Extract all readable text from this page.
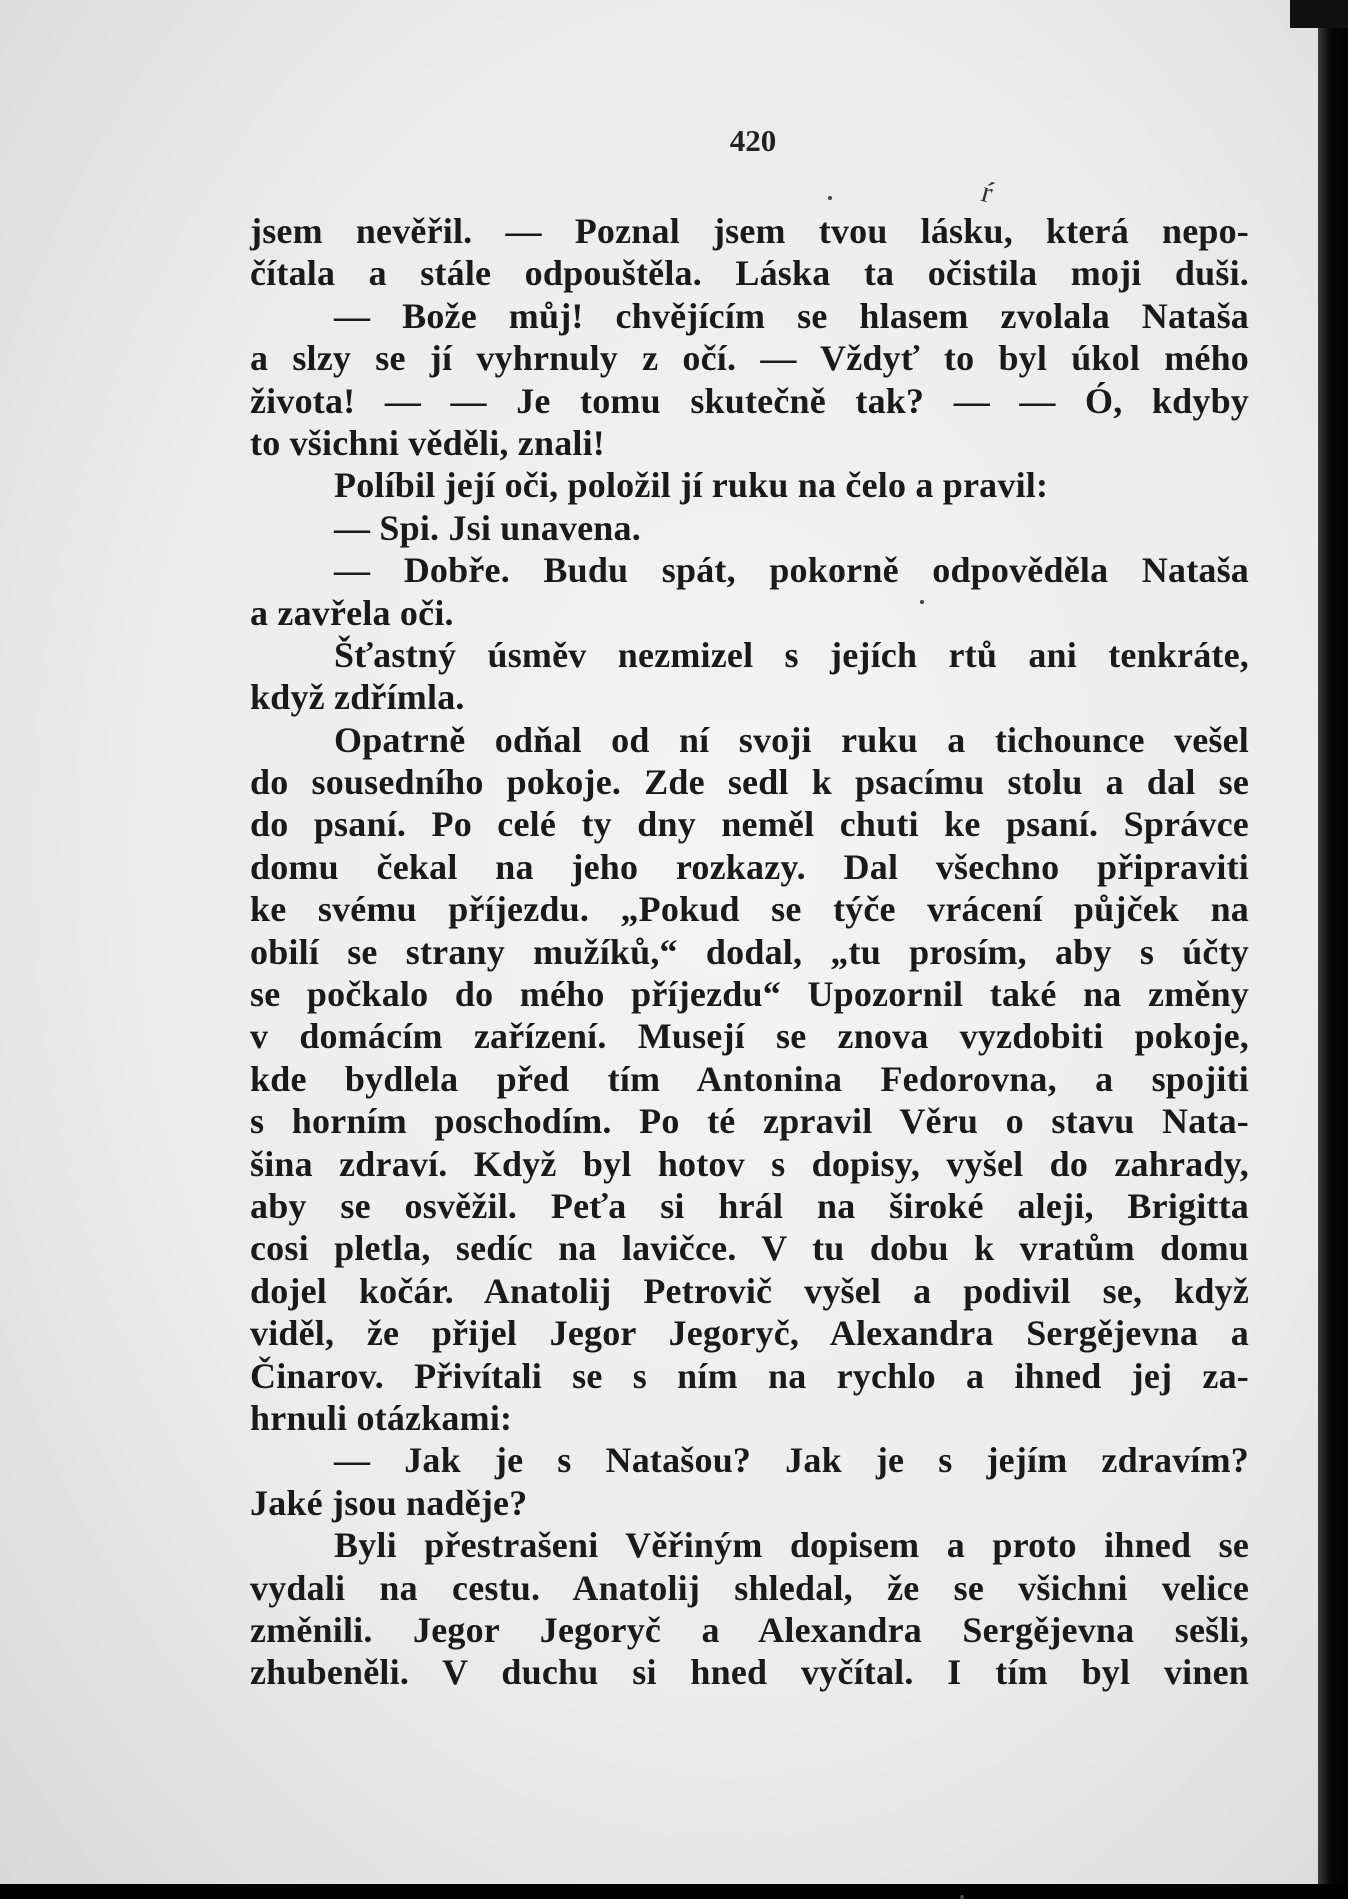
420
ŕ
jsem nevěřil. — Poznal jsem tvou lásku, která nepo-
čítala a stále odpouštěla. Láska ta očistila moji duši.
— Bože můj! chvějícím se hlasem zvolala Nataša
a slzy se jí vyhrnuly z očí. — Vždyť to byl úkol mého
života! — — Je tomu skutečně tak? — — Ó, kdyby
to všichni věděli, znali!
Políbil její oči, položil jí ruku na čelo a pravil:
— Spi. Jsi unavena.
— Dobře. Budu spát, pokorně odpověděla Nataša
a zavřela oči.
Šťastný úsměv nezmizel s jejích rtů ani tenkráte,
když zdřímla.
Opatrně odňal od ní svoji ruku a tichounce vešel
do sousedního pokoje. Zde sedl k psacímu stolu a dal se
do psaní. Po celé ty dny neměl chuti ke psaní. Správce
domu čekal na jeho rozkazy. Dal všechno připraviti
ke svému příjezdu. „Pokud se týče vrácení půjček na
obilí se strany mužíků,“ dodal, „tu prosím, aby s účty
se počkalo do mého příjezdu“ Upozornil také na změny
v domácím zařízení. Musejí se znova vyzdobiti pokoje,
kde bydlela před tím Antonina Fedorovna, a spojiti
s horním poschodím. Po té zpravil Věru o stavu Nata-
šina zdraví. Když byl hotov s dopisy, vyšel do zahrady,
aby se osvěžil. Peťa si hrál na široké aleji, Brigitta
cosi pletla, sedíc na lavičce. V tu dobu k vratům domu
dojel kočár. Anatolij Petrovič vyšel a podivil se, když
viděl, že přijel Jegor Jegoryč, Alexandra Sergějevna a
Činarov. Přivítali se s ním na rychlo a ihned jej za-
hrnuli otázkami:
— Jak je s Natašou? Jak je s jejím zdravím?
Jaké jsou naděje?
Byli přestrašeni Věřiným dopisem a proto ihned se
vydali na cestu. Anatolij shledal, že se všichni velice
změnili. Jegor Jegoryč a Alexandra Sergějevna sešli,
zhubeněli. V duchu si hned vyčítal. I tím byl vinen
